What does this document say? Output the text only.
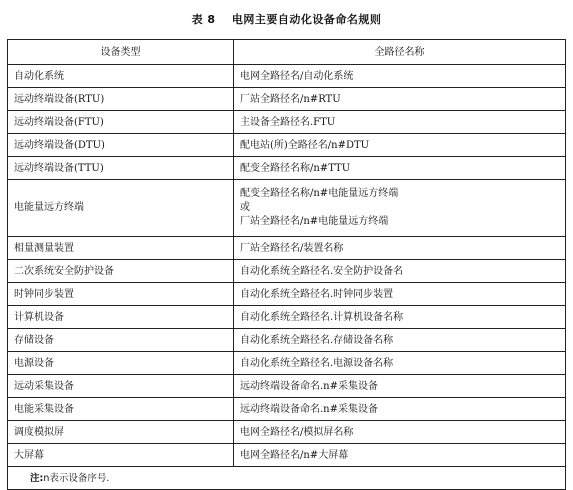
表 8 电网主要自动化设备命名规则
设备类型	全路径名称
自动化系统	电网全路径名/自动化系统
远动终端设备(RTU)	厂站全路径名/n#RTU
远动终端设备(FTU)	主设备全路径名.FTU
远动终端设备(DTU)	配电站(所)全路径名/n#DTU
远动终端设备(TTU)	配变全路径名称/n#TTU
电能量远方终端	配变全路径名称/n#电能量远方终端
或
厂站全路径名/n#电能量远方终端

相量测量装置	厂站全路径名/装置名称
二次系统安全防护设备	自动化系统全路径名.安全防护设备名
时钟同步装置	自动化系统全路径名.时钟同步装置
计算机设备	自动化系统全路径名.计算机设备名称
存储设备	自动化系统全路径名.存储设备名称
电源设备	自动化系统全路径名.电源设备名称
远动采集设备	远动终端设备命名.n#采集设备
电能采集设备	远动终端设备命名.n#采集设备
调度模拟屏	电网全路径名/模拟屏名称
大屏幕	电网全路径名/n#大屏幕
注:n表示设备序号.	
